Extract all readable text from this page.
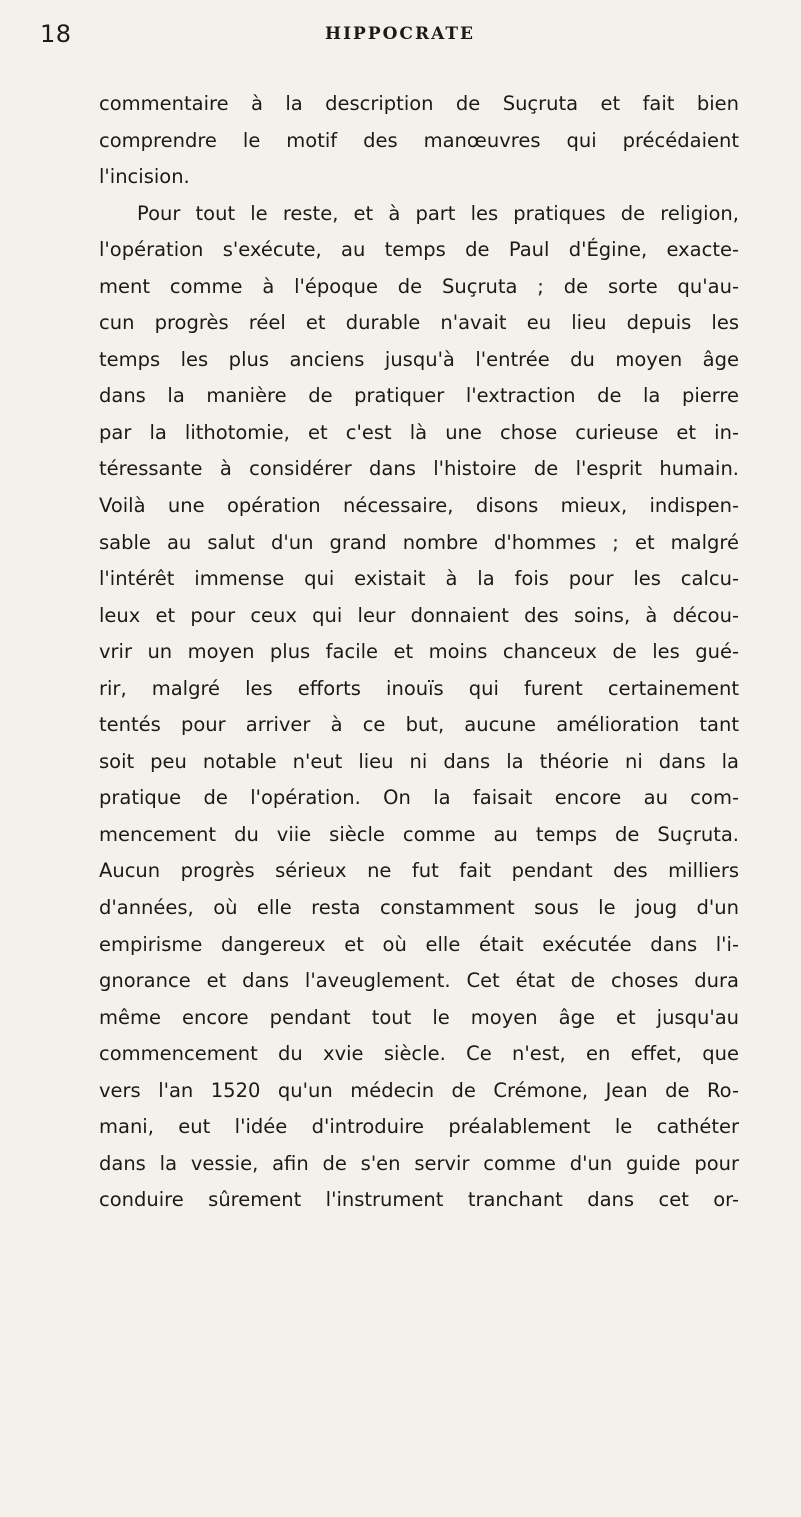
18	HIPPOCRATE
commentaire à la description de Suçruta et fait bien
comprendre le motif des manœuvres qui précédaient
l'incision.
Pour tout le reste, et à part les pratiques de religion,
l'opération s'exécute, au temps de Paul d'Égine, exacte-
ment comme à l'époque de Suçruta ; de sorte qu'au-
cun progrès réel et durable n'avait eu lieu depuis les
temps les plus anciens jusqu'à l'entrée du moyen âge
dans la manière de pratiquer l'extraction de la pierre
par la lithotomie, et c'est là une chose curieuse et in-
téressante à considérer dans l'histoire de l'esprit humain.
Voilà une opération nécessaire, disons mieux, indispen-
sable au salut d'un grand nombre d'hommes ; et malgré
l'intérêt immense qui existait à la fois pour les calcu-
leux et pour ceux qui leur donnaient des soins, à décou-
vrir un moyen plus facile et moins chanceux de les gué-
rir, malgré les efforts inouïs qui furent certainement
tentés pour arriver à ce but, aucune amélioration tant
soit peu notable n'eut lieu ni dans la théorie ni dans la
pratique de l'opération. On la faisait encore au com-
mencement du viie siècle comme au temps de Suçruta.
Aucun progrès sérieux ne fut fait pendant des milliers
d'années, où elle resta constamment sous le joug d'un
empirisme dangereux et où elle était exécutée dans l'i-
gnorance et dans l'aveuglement. Cet état de choses dura
même encore pendant tout le moyen âge et jusqu'au
commencement du xvie siècle. Ce n'est, en effet, que
vers l'an 1520 qu'un médecin de Crémone, Jean de Ro-
mani, eut l'idée d'introduire préalablement le cathéter
dans la vessie, afin de s'en servir comme d'un guide pour
conduire sûrement l'instrument tranchant dans cet or-
